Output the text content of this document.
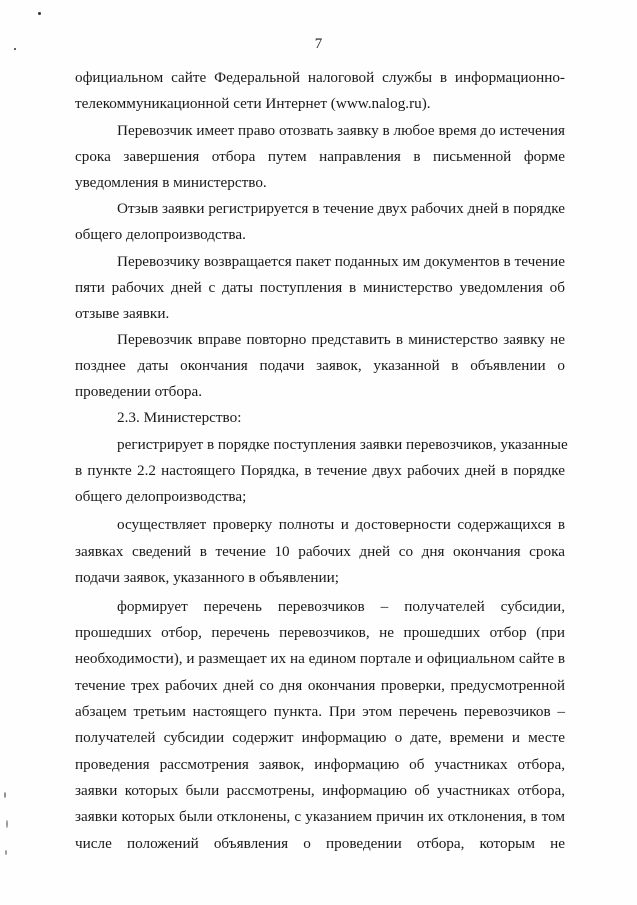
7
официальном сайте Федеральной налоговой службы в информационно-
телекоммуникационной сети Интернет (www.nalog.ru).
Перевозчик имеет право отозвать заявку в любое время до истечения
срока завершения отбора путем направления в письменной форме
уведомления в министерство.
Отзыв заявки регистрируется в течение двух рабочих дней в порядке
общего делопроизводства.
Перевозчику возвращается пакет поданных им документов в течение
пяти рабочих дней с даты поступления в министерство уведомления об
отзыве заявки.
Перевозчик вправе повторно представить в министерство заявку не
позднее даты окончания подачи заявок, указанной в объявлении о
проведении отбора.
2.3. Министерство:
регистрирует в порядке поступления заявки перевозчиков, указанные
в пункте 2.2 настоящего Порядка, в течение двух рабочих дней в порядке
общего делопроизводства;
осуществляет проверку полноты и достоверности содержащихся в
заявках сведений в течение 10 рабочих дней со дня окончания срока
подачи заявок, указанного в объявлении;
формирует перечень перевозчиков – получателей субсидии,
прошедших отбор, перечень перевозчиков, не прошедших отбор (при
необходимости), и размещает их на едином портале и официальном сайте в
течение трех рабочих дней со дня окончания проверки, предусмотренной
абзацем третьим настоящего пункта. При этом перечень перевозчиков –
получателей субсидии содержит информацию о дате, времени и месте
проведения рассмотрения заявок, информацию об участниках отбора,
заявки которых были рассмотрены, информацию об участниках отбора,
заявки которых были отклонены, с указанием причин их отклонения, в том
числе положений объявления о проведении отбора, которым не
